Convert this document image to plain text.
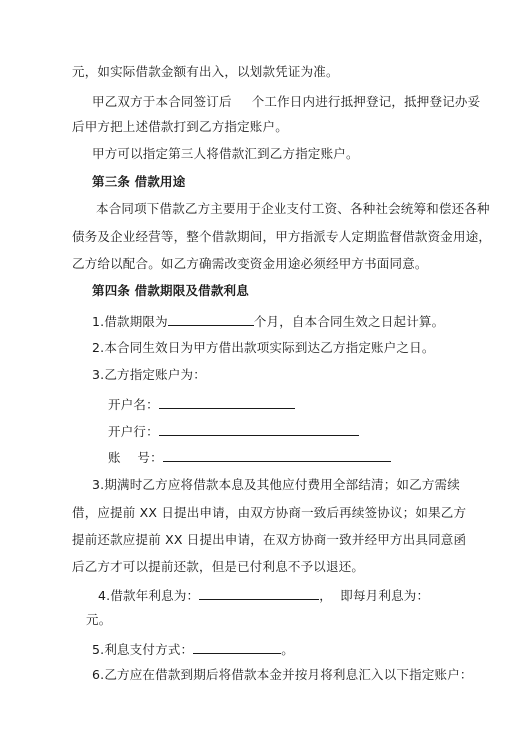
元，如实际借款金额有出入，以划款凭证为准。
甲乙双方于本合同签订后 个工作日内进行抵押登记，抵押登记办妥
后甲方把上述借款打到乙方指定账户。
甲方可以指定第三人将借款汇到乙方指定账户。
第三条 借款用途
本合同项下借款乙方主要用于企业支付工资、各种社会统筹和偿还各种
债务及企业经营等，整个借款期间，甲方指派专人定期监督借款资金用途，
乙方给以配合。如乙方确需改变资金用途必须经甲方书面同意。
第四条 借款期限及借款利息
1.借款期限为	个月，自本合同生效之日起计算。
2.本合同生效日为甲方借出款项实际到达乙方指定账户之日。
3.乙方指定账户为：
开户名：
开户行：
账    号：
3.期满时乙方应将借款本息及其他应付费用全部结清；如乙方需续
借，应提前 XX 日提出申请，由双方协商一致后再续签协议；如果乙方
提前还款应提前 XX 日提出申请，在双方协商一致并经甲方出具同意函
后乙方才可以提前还款，但是已付利息不予以退还。
4.借款年利息为：	，  即每月利息为：
元。
5.利息支付方式：	。
6.乙方应在借款到期后将借款本金并按月将利息汇入以下指定账户：
